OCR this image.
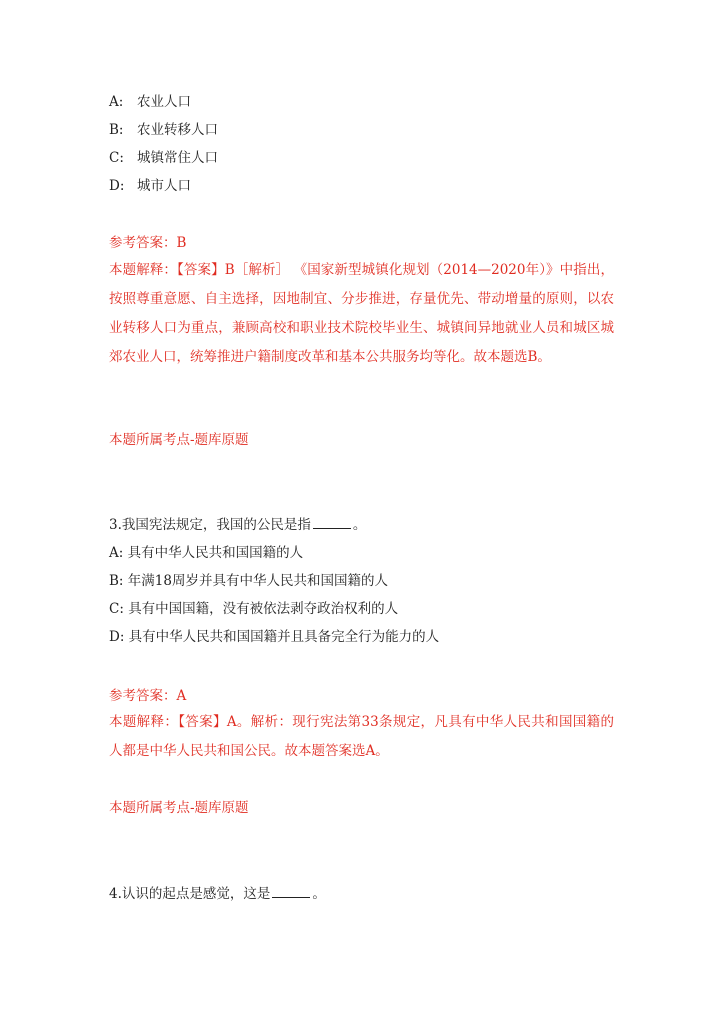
A: 农业人口
B: 农业转移人口
C: 城镇常住人口
D: 城市人口
参考答案：B
本题解释：【答案】B［解析］ 《国家新型城镇化规划（2014—2020年）》中指出，按照尊重意愿、自主选择，因地制宜、分步推进，存量优先、带动增量的原则，以农业转移人口为重点，兼顾高校和职业技术院校毕业生、城镇间异地就业人员和城区城郊农业人口，统筹推进户籍制度改革和基本公共服务均等化。故本题选B。
本题所属考点-题库原题
3.我国宪法规定，我国的公民是指	。
A: 具有中华人民共和国国籍的人
B: 年满18周岁并具有中华人民共和国国籍的人
C: 具有中国国籍，没有被依法剥夺政治权利的人
D: 具有中华人民共和国国籍并且具备完全行为能力的人
参考答案：A
本题解释：【答案】A。解析：现行宪法第33条规定，凡具有中华人民共和国国籍的人都是中华人民共和国公民。故本题答案选A。
本题所属考点-题库原题
4.认识的起点是感觉，这是	。
